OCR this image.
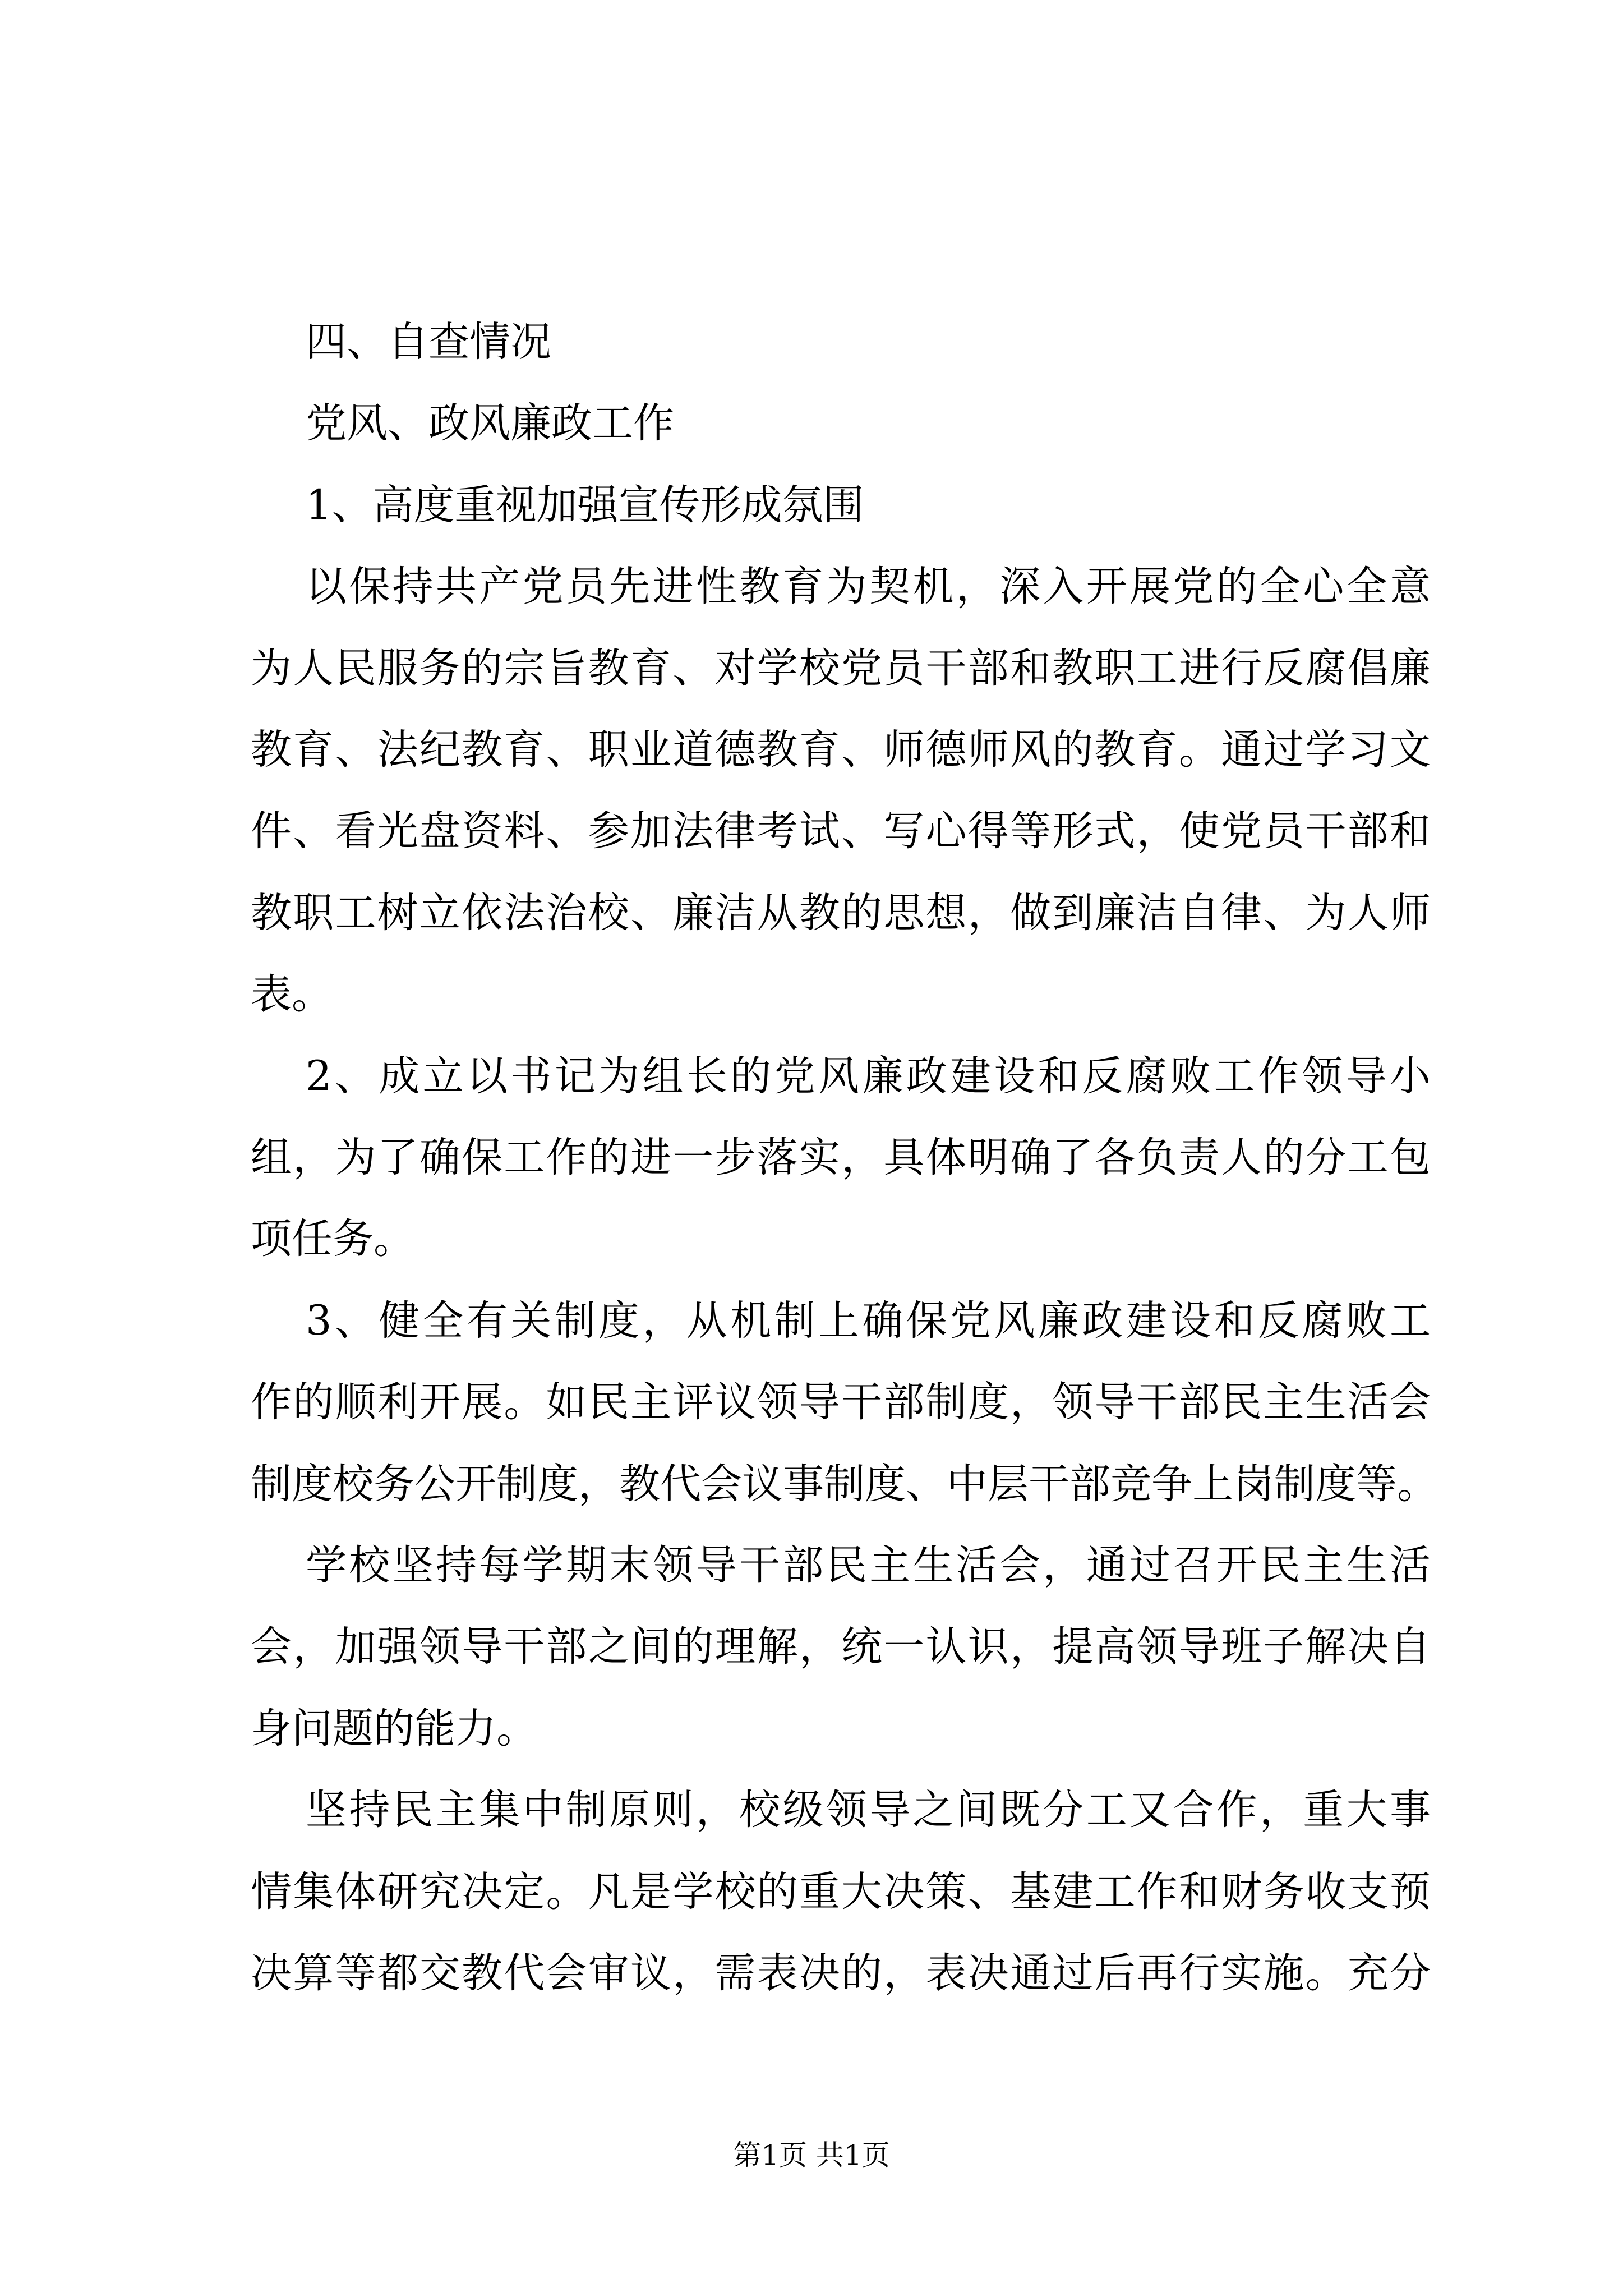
四、自查情况
党风、政风廉政工作
1、高度重视加强宣传形成氛围
以保持共产党员先进性教育为契机，深入开展党的全心全意
为人民服务的宗旨教育、对学校党员干部和教职工进行反腐倡廉
教育、法纪教育、职业道德教育、师德师风的教育。通过学习文
件、看光盘资料、参加法律考试、写心得等形式，使党员干部和
教职工树立依法治校、廉洁从教的思想，做到廉洁自律、为人师
表。
2、成立以书记为组长的党风廉政建设和反腐败工作领导小
组，为了确保工作的进一步落实，具体明确了各负责人的分工包
项任务。
3、健全有关制度，从机制上确保党风廉政建设和反腐败工
作的顺利开展。如民主评议领导干部制度，领导干部民主生活会
制度校务公开制度，教代会议事制度、中层干部竞争上岗制度等。
学校坚持每学期末领导干部民主生活会，通过召开民主生活
会，加强领导干部之间的理解，统一认识，提高领导班子解决自
身问题的能力。
坚持民主集中制原则，校级领导之间既分工又合作，重大事
情集体研究决定。凡是学校的重大决策、基建工作和财务收支预
决算等都交教代会审议，需表决的，表决通过后再行实施。充分
第1页 共1页
